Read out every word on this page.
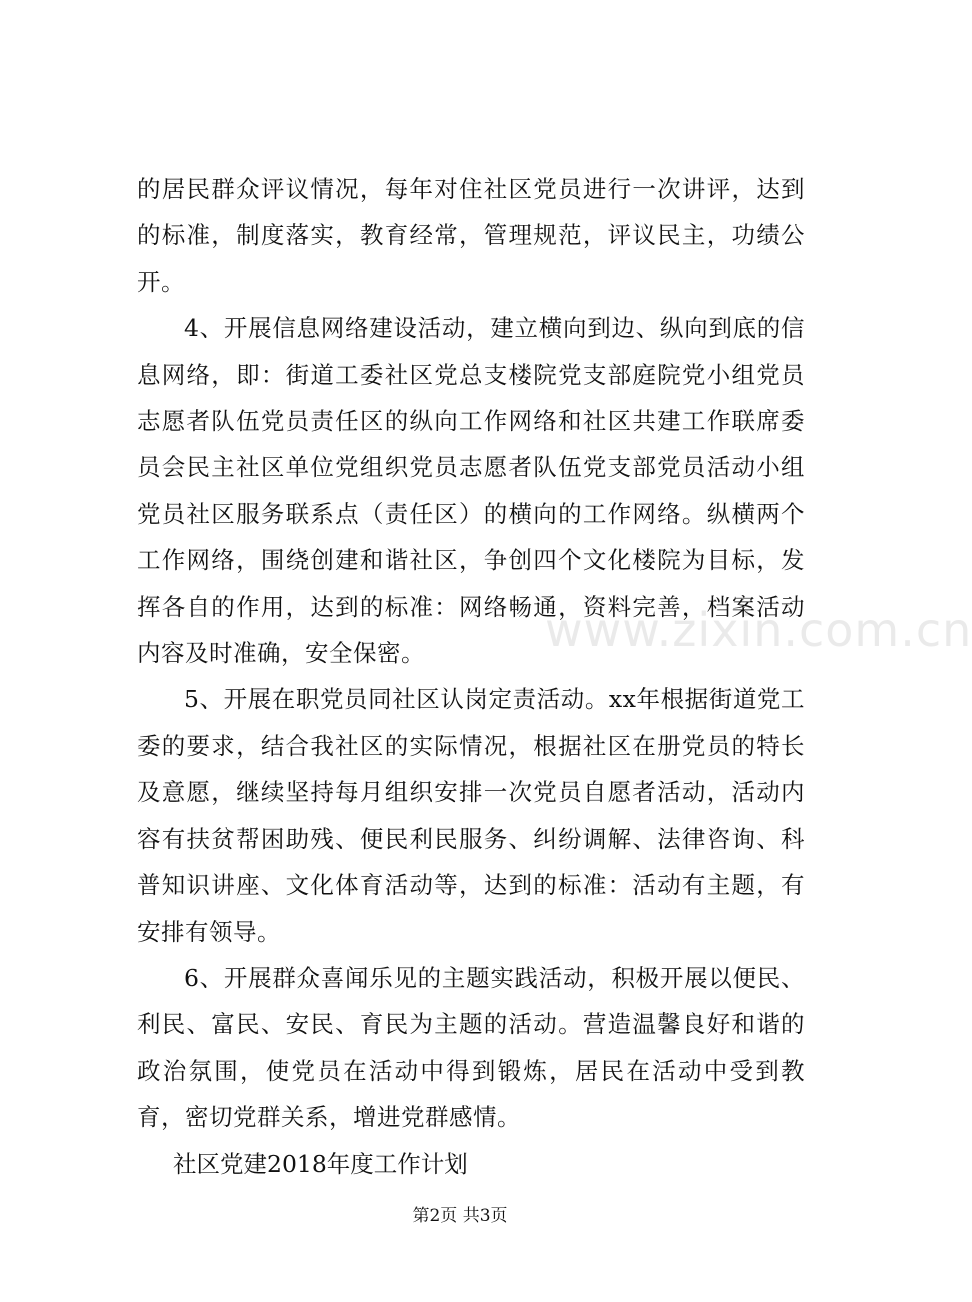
的居民群众评议情况，每年对住社区党员进行一次讲评，达到的标准，制度落实，教育经常，管理规范，评议民主，功绩公开。

4、开展信息网络建设活动，建立横向到边、纵向到底的信息网络，即：街道工委社区党总支楼院党支部庭院党小组党员志愿者队伍党员责任区的纵向工作网络和社区共建工作联席委员会民主社区单位党组织党员志愿者队伍党支部党员活动小组党员社区服务联系点（责任区）的横向的工作网络。纵横两个工作网络，围绕创建和谐社区，争创四个文化楼院为目标，发挥各自的作用，达到的标准：网络畅通，资料完善，档案活动内容及时准确，安全保密。

5、开展在职党员同社区认岗定责活动。xx年根据街道党工委的要求，结合我社区的实际情况，根据社区在册党员的特长及意愿，继续坚持每月组织安排一次党员自愿者活动，活动内容有扶贫帮困助残、便民利民服务、纠纷调解、法律咨询、科普知识讲座、文化体育活动等，达到的标准：活动有主题，有安排有领导。

6、开展群众喜闻乐见的主题实践活动，积极开展以便民、利民、富民、安民、育民为主题的活动。营造温馨良好和谐的政治氛围，使党员在活动中得到锻炼，居民在活动中受到教育，密切党群关系，增进党群感情。

社区党建2018年度工作计划

www.zixin.com.cn
第2页 共3页
